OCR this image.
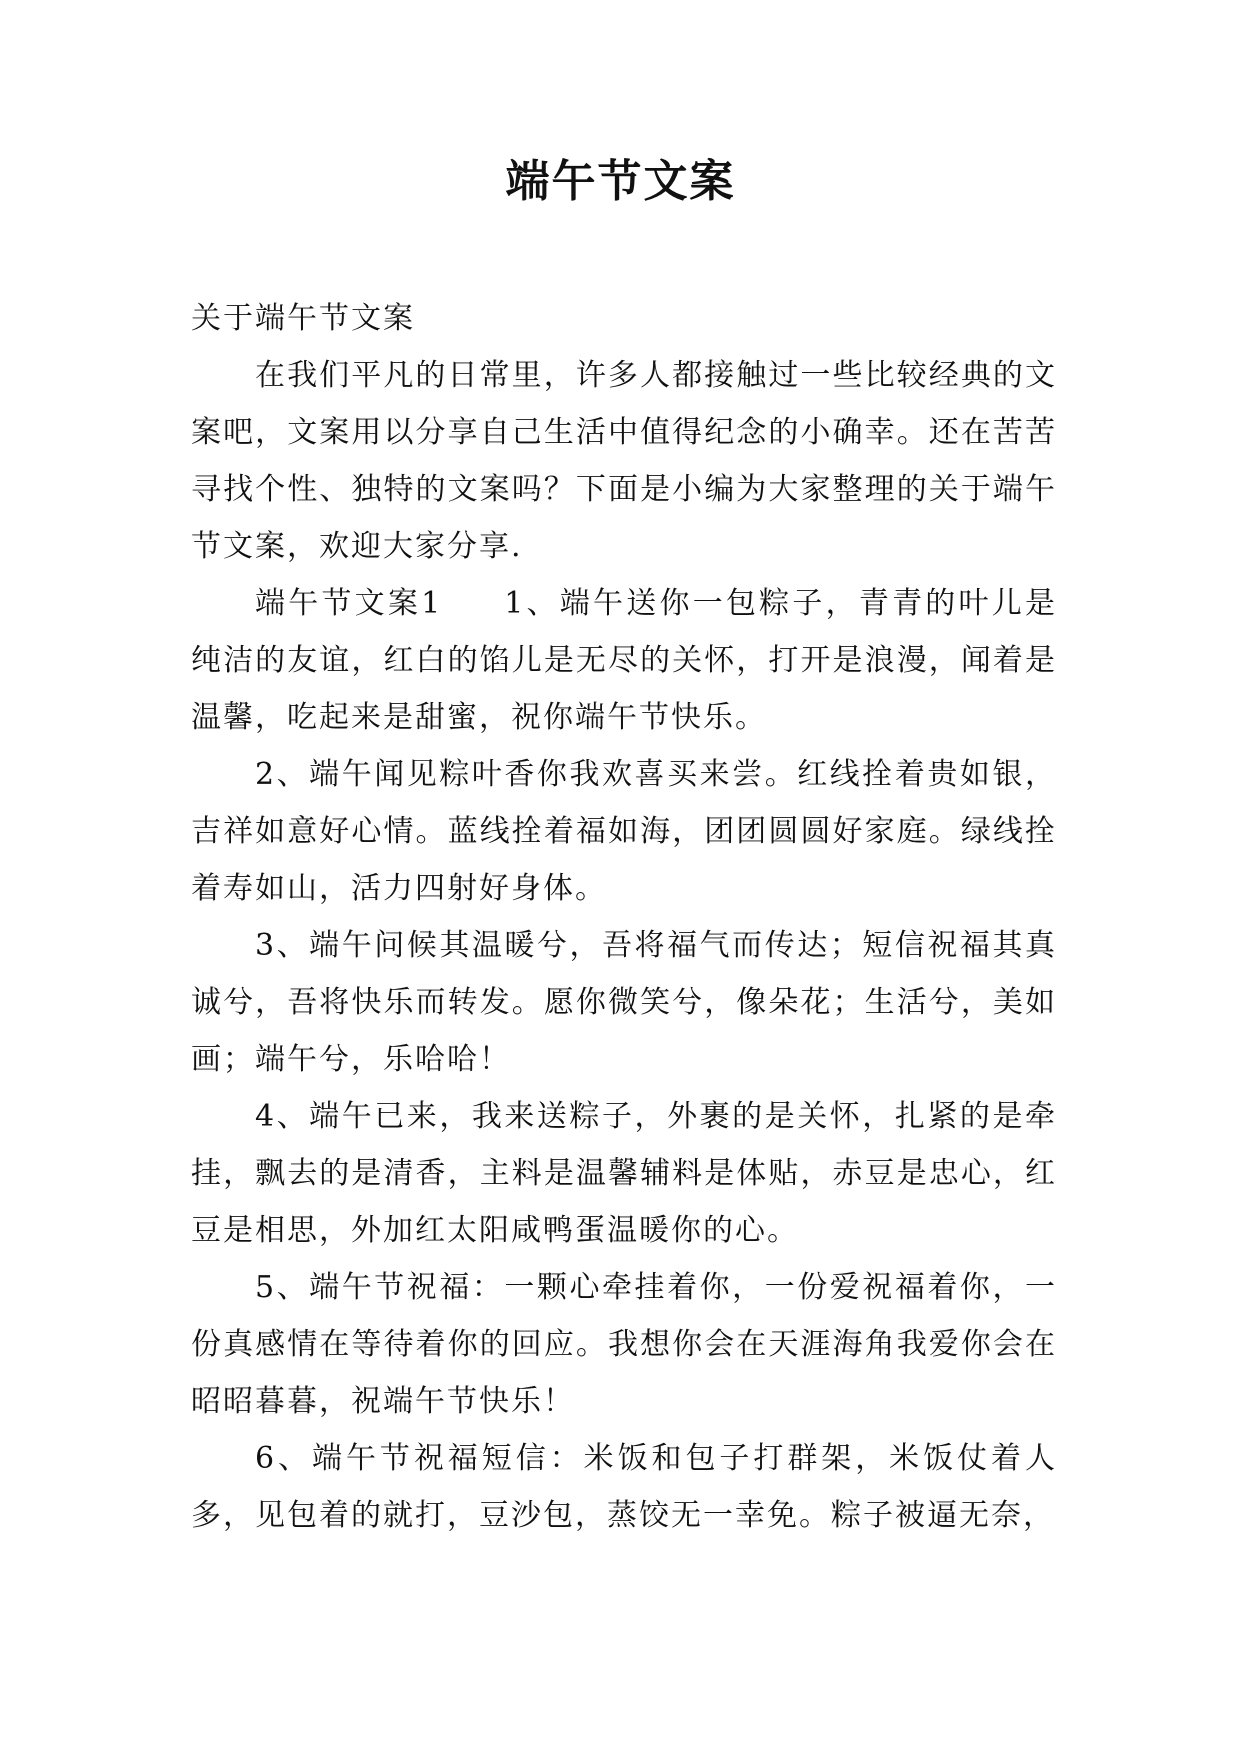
端午节文案

关于端午节文案

在我们平凡的日常里，许多人都接触过一些比较经典的文案吧，文案用以分享自己生活中值得纪念的小确幸。还在苦苦寻找个性、独特的文案吗？下面是小编为大家整理的关于端午节文案，欢迎大家分享.

端午节文案1 1、端午送你一包粽子，青青的叶儿是纯洁的友谊，红白的馅儿是无尽的关怀，打开是浪漫，闻着是温馨，吃起来是甜蜜，祝你端午节快乐。

2、端午闻见粽叶香你我欢喜买来尝。红线拴着贵如银，吉祥如意好心情。蓝线拴着福如海，团团圆圆好家庭。绿线拴着寿如山，活力四射好身体。

3、端午问候其温暖兮，吾将福气而传达；短信祝福其真诚兮，吾将快乐而转发。愿你微笑兮，像朵花；生活兮，美如画；端午兮，乐哈哈！

4、端午已来，我来送粽子，外裹的是关怀，扎紧的是牵挂，飘去的是清香，主料是温馨辅料是体贴，赤豆是忠心，红豆是相思，外加红太阳咸鸭蛋温暖你的心。

5、端午节祝福：一颗心牵挂着你，一份爱祝福着你，一份真感情在等待着你的回应。我想你会在天涯海角我爱你会在昭昭暮暮，祝端午节快乐！

6、端午节祝福短信：米饭和包子打群架，米饭仗着人多，见包着的就打，豆沙包，蒸饺无一幸免。粽子被逼无奈，
